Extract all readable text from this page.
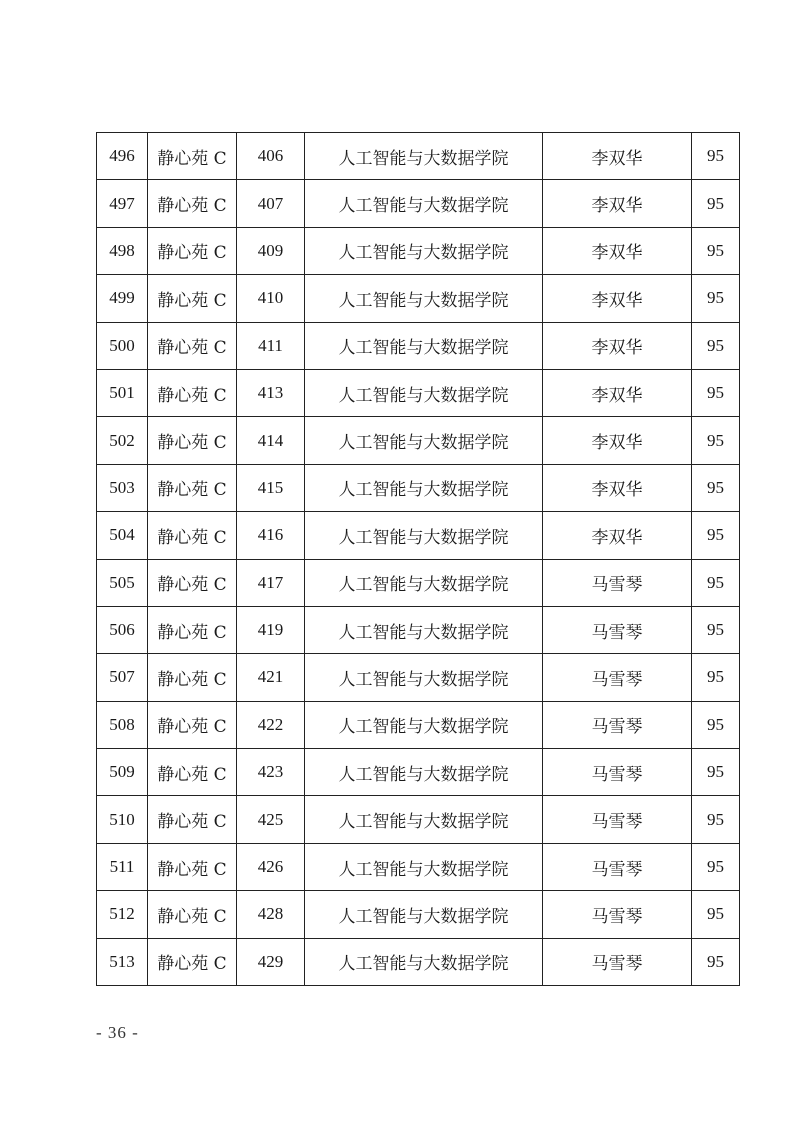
496	静心苑 C	406	人工智能与大数据学院	李双华	95
497	静心苑 C	407	人工智能与大数据学院	李双华	95
498	静心苑 C	409	人工智能与大数据学院	李双华	95
499	静心苑 C	410	人工智能与大数据学院	李双华	95
500	静心苑 C	411	人工智能与大数据学院	李双华	95
501	静心苑 C	413	人工智能与大数据学院	李双华	95
502	静心苑 C	414	人工智能与大数据学院	李双华	95
503	静心苑 C	415	人工智能与大数据学院	李双华	95
504	静心苑 C	416	人工智能与大数据学院	李双华	95
505	静心苑 C	417	人工智能与大数据学院	马雪琴	95
506	静心苑 C	419	人工智能与大数据学院	马雪琴	95
507	静心苑 C	421	人工智能与大数据学院	马雪琴	95
508	静心苑 C	422	人工智能与大数据学院	马雪琴	95
509	静心苑 C	423	人工智能与大数据学院	马雪琴	95
510	静心苑 C	425	人工智能与大数据学院	马雪琴	95
511	静心苑 C	426	人工智能与大数据学院	马雪琴	95
512	静心苑 C	428	人工智能与大数据学院	马雪琴	95
513	静心苑 C	429	人工智能与大数据学院	马雪琴	95
- 36 -
